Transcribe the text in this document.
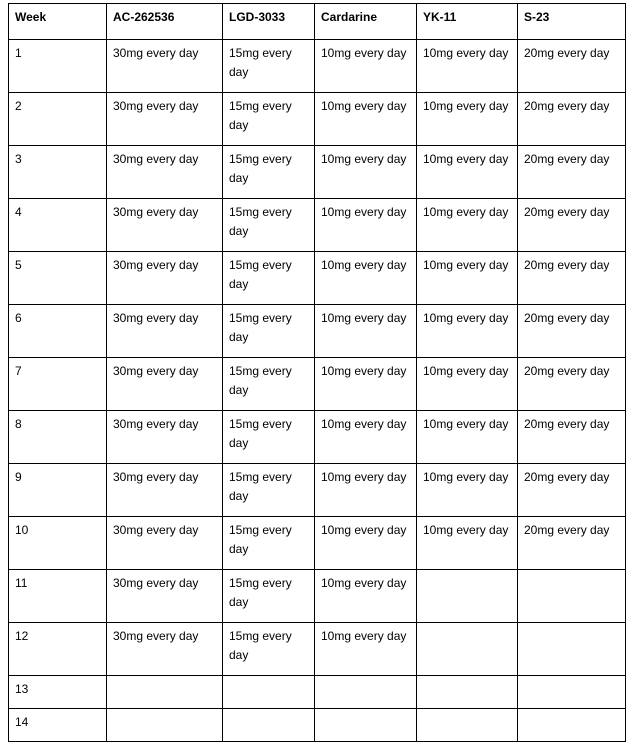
Week	AC-262536	LGD-3033	Cardarine	YK-11	S-23
1	30mg every day	15mg every day	10mg every day	10mg every day	20mg every day
2	30mg every day	15mg every day	10mg every day	10mg every day	20mg every day
3	30mg every day	15mg every day	10mg every day	10mg every day	20mg every day
4	30mg every day	15mg every day	10mg every day	10mg every day	20mg every day
5	30mg every day	15mg every day	10mg every day	10mg every day	20mg every day
6	30mg every day	15mg every day	10mg every day	10mg every day	20mg every day
7	30mg every day	15mg every day	10mg every day	10mg every day	20mg every day
8	30mg every day	15mg every day	10mg every day	10mg every day	20mg every day
9	30mg every day	15mg every day	10mg every day	10mg every day	20mg every day
10	30mg every day	15mg every day	10mg every day	10mg every day	20mg every day
11	30mg every day	15mg every day	10mg every day		
12	30mg every day	15mg every day	10mg every day		
13					
14					
